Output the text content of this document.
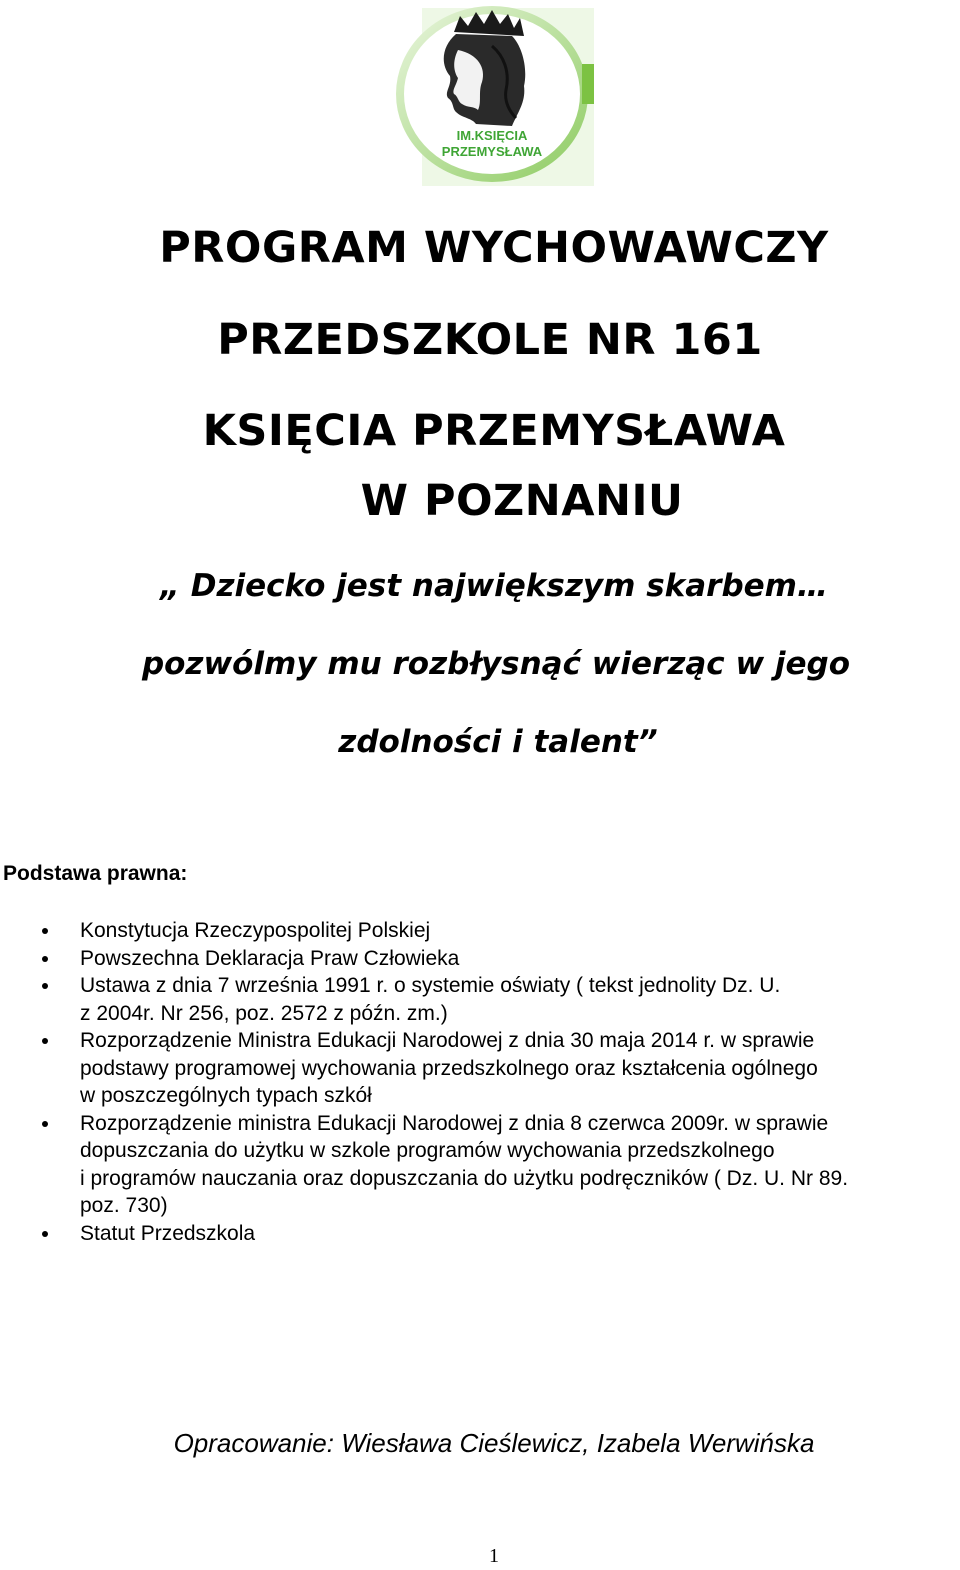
IM.KSIĘCIA
PRZEMYSŁAWA
PROGRAM WYCHOWAWCZY
PRZEDSZKOLE NR 161
KSIĘCIA PRZEMYSŁAWA
W POZNANIU

„ Dziecko jest największym skarbem…

pozwólmy mu rozbłysnąć wierząc w jego

zdolności i talent”

Podstawa prawna:
Konstytucja Rzeczypospolitej Polskiej
Powszechna Deklaracja Praw Człowieka
Ustawa z dnia 7 września 1991 r. o systemie oświaty ( tekst jednolity Dz. U.
z 2004r. Nr 256, poz. 2572 z późn. zm.)
Rozporządzenie Ministra Edukacji Narodowej z dnia 30 maja 2014 r. w sprawie
podstawy programowej wychowania przedszkolnego oraz kształcenia ogólnego
w poszczególnych typach szkół
Rozporządzenie ministra Edukacji Narodowej z dnia 8 czerwca 2009r. w sprawie
dopuszczania do użytku w szkole programów wychowania przedszkolnego
i programów nauczania oraz dopuszczania do użytku podręczników ( Dz. U. Nr 89.
poz. 730)
Statut Przedszkola

Opracowanie: Wiesława Cieślewicz, Izabela Werwińska

1
